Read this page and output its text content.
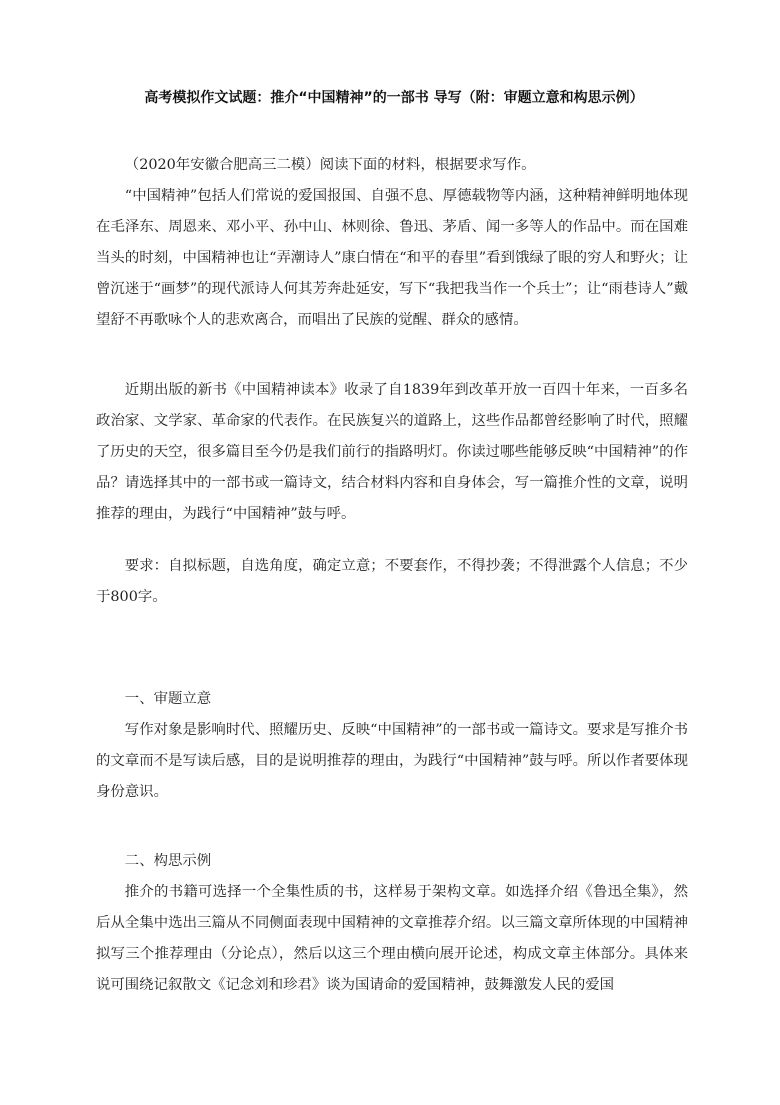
高考模拟作文试题：推介“中国精神”的一部书 导写（附：审题立意和构思示例）

（2020年安徽合肥高三二模）阅读下面的材料，根据要求写作。

“中国精神”包括人们常说的爱国报国、自强不息、厚德载物等内涵，这种精神鲜明地体现在毛泽东、周恩来、邓小平、孙中山、林则徐、鲁迅、茅盾、闻一多等人的作品中。而在国难当头的时刻，中国精神也让“弄潮诗人”康白情在“和平的春里”看到饿绿了眼的穷人和野火；让曾沉迷于“画梦”的现代派诗人何其芳奔赴延安，写下“我把我当作一个兵士”；让“雨巷诗人”戴望舒不再歌咏个人的悲欢离合，而唱出了民族的觉醒、群众的感情。

近期出版的新书《中国精神读本》收录了自1839年到改革开放一百四十年来，一百多名政治家、文学家、革命家的代表作。在民族复兴的道路上，这些作品都曾经影响了时代，照耀了历史的天空，很多篇目至今仍是我们前行的指路明灯。你读过哪些能够反映“中国精神”的作品？请选择其中的一部书或一篇诗文，结合材料内容和自身体会，写一篇推介性的文章，说明推荐的理由，为践行“中国精神”鼓与呼。

要求：自拟标题，自选角度，确定立意；不要套作，不得抄袭；不得泄露个人信息；不少于800字。

一、审题立意

写作对象是影响时代、照耀历史、反映“中国精神”的一部书或一篇诗文。要求是写推介书的文章而不是写读后感，目的是说明推荐的理由，为践行“中国精神”鼓与呼。所以作者要体现身份意识。

二、构思示例

推介的书籍可选择一个全集性质的书，这样易于架构文章。如选择介绍《鲁迅全集》，然后从全集中选出三篇从不同侧面表现中国精神的文章推荐介绍。以三篇文章所体现的中国精神拟写三个推荐理由（分论点），然后以这三个理由横向展开论述，构成文章主体部分。具体来说可围绕记叙散文《记念刘和珍君》谈为国请命的爱国精神，鼓舞激发人民的爱国
